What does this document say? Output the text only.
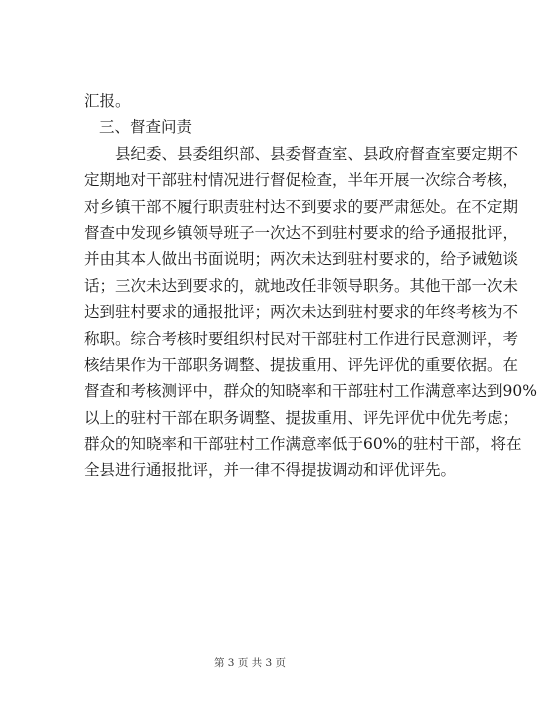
汇报。
三、督查问责
县纪委、县委组织部、县委督查室、县政府督查室要定期不
定期地对干部驻村情况进行督促检查，半年开展一次综合考核，
对乡镇干部不履行职责驻村达不到要求的要严肃惩处。在不定期
督查中发现乡镇领导班子一次达不到驻村要求的给予通报批评，
并由其本人做出书面说明；两次未达到驻村要求的，给予诫勉谈
话；三次未达到要求的，就地改任非领导职务。其他干部一次未
达到驻村要求的通报批评；两次未达到驻村要求的年终考核为不
称职。综合考核时要组织村民对干部驻村工作进行民意测评，考
核结果作为干部职务调整、提拔重用、评先评优的重要依据。在
督查和考核测评中，群众的知晓率和干部驻村工作满意率达到90%
以上的驻村干部在职务调整、提拔重用、评先评优中优先考虑；
群众的知晓率和干部驻村工作满意率低于60%的驻村干部，将在
全县进行通报批评，并一律不得提拔调动和评优评先。
第 3 页 共 3 页
